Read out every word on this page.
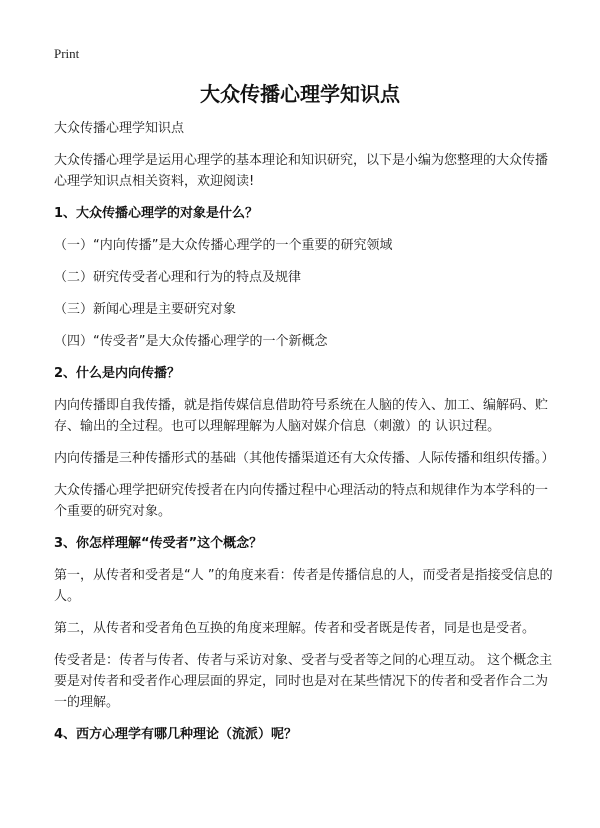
Print
大众传播心理学知识点

大众传播心理学知识点

大众传播心理学是运用心理学的基本理论和知识研究，以下是小编为您整理的大众传播心理学知识点相关资料，欢迎阅读!

1、大众传播心理学的对象是什么？
（一）“内向传播”是大众传播心理学的一个重要的研究领域
（二）研究传受者心理和行为的特点及规律
（三）新闻心理是主要研究对象
（四）“传受者”是大众传播心理学的一个新概念
2、什么是内向传播？

内向传播即自我传播，就是指传媒信息借助符号系统在人脑的传入、加工、编解码、贮存、输出的全过程。也可以理解理解为人脑对媒介信息（刺激）的 认识过程。

内向传播是三种传播形式的基础（其他传播渠道还有大众传播、人际传播和组织传播。）

大众传播心理学把研究传授者在内向传播过程中心理活动的特点和规律作为本学科的一个重要的研究对象。

3、你怎样理解“传受者”这个概念？

第一，从传者和受者是“人 ”的角度来看：传者是传播信息的人，而受者是指接受信息的人。

第二，从传者和受者角色互换的角度来理解。传者和受者既是传者，同是也是受者。

传受者是：传者与传者、传者与采访对象、受者与受者等之间的心理互动。 这个概念主要是对传者和受者作心理层面的界定，同时也是对在某些情况下的传者和受者作合二为一的理解。

4、西方心理学有哪几种理论（流派）呢？
